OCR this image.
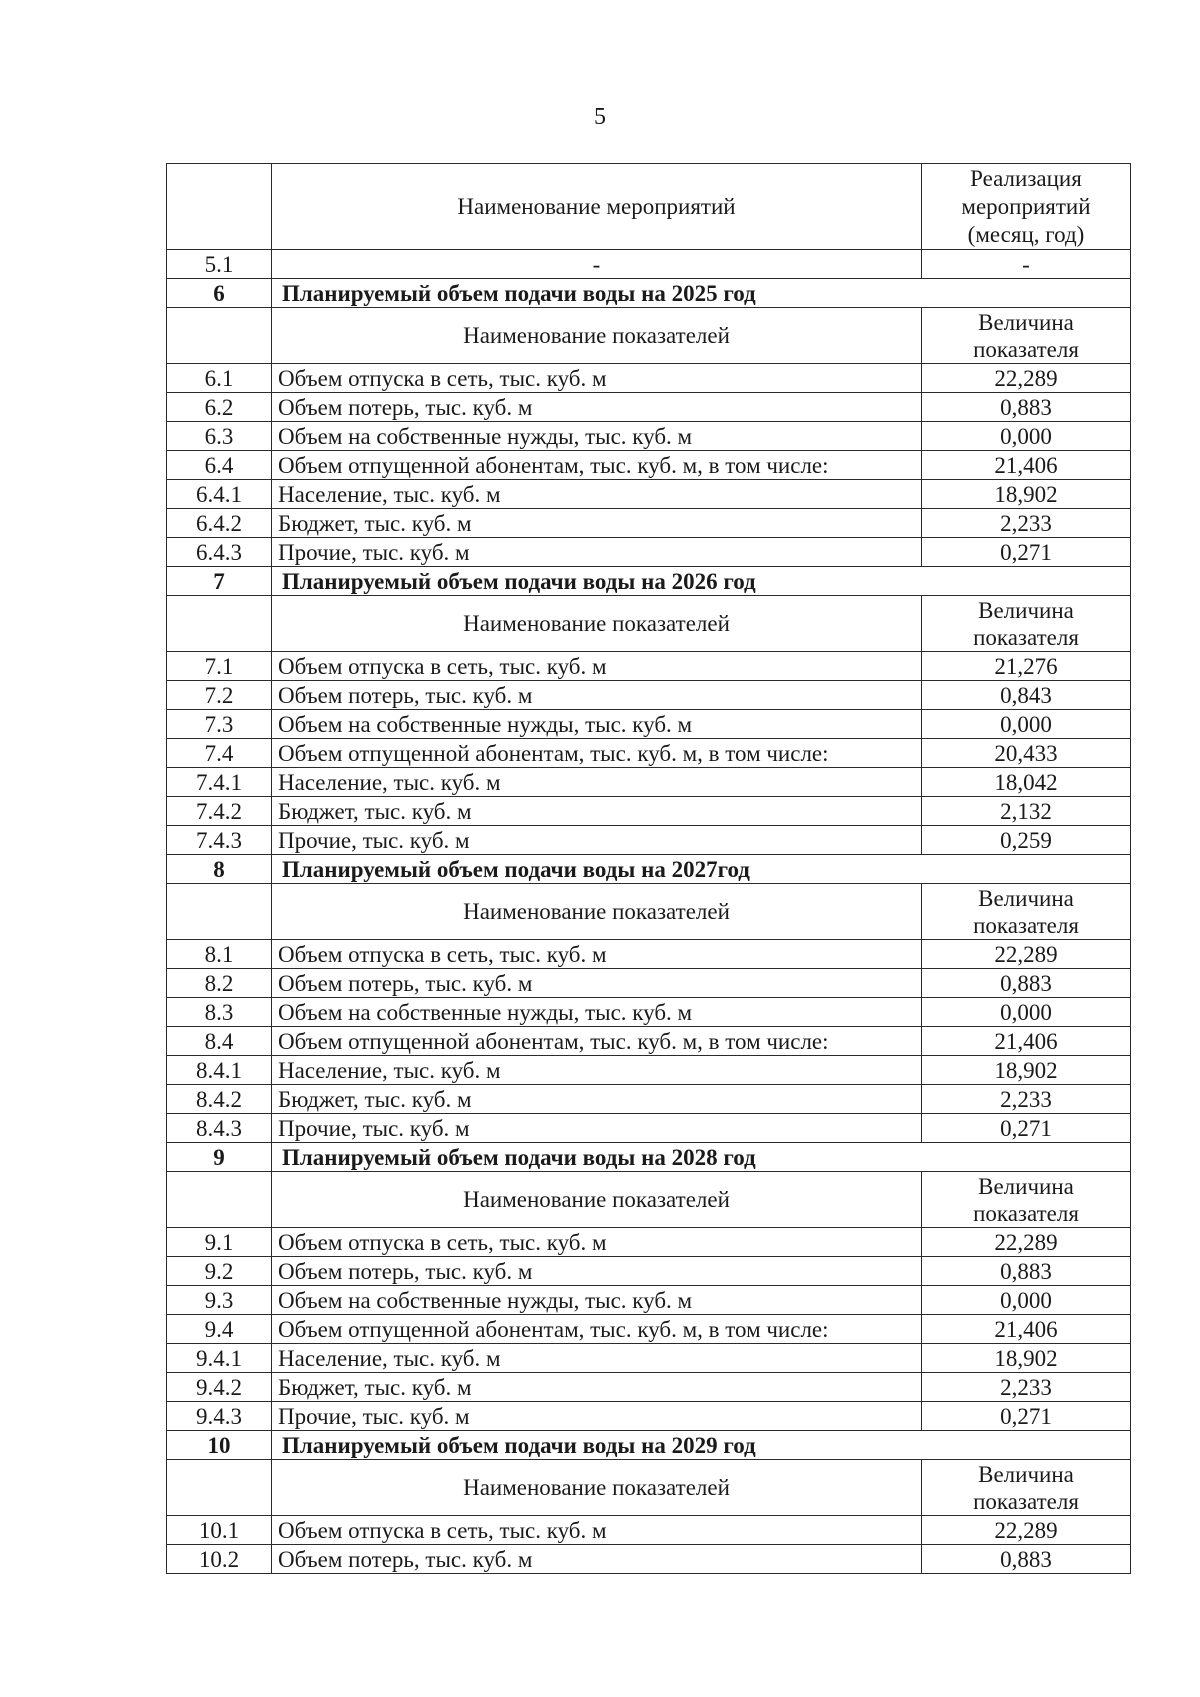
5
	Наименование мероприятий	Реализация мероприятий (месяц, год)
5.1	-	-
6	Планируемый объем подачи воды на 2025 год	
	Наименование показателей	Величина показателя
6.1	Объем отпуска в сеть, тыс. куб. м	22,289
6.2	Объем потерь, тыс. куб. м	0,883
6.3	Объем на собственные нужды, тыс. куб. м	0,000
6.4	Объем отпущенной абонентам, тыс. куб. м, в том числе:	21,406
6.4.1	Население, тыс. куб. м	18,902
6.4.2	Бюджет, тыс. куб. м	2,233
6.4.3	Прочие, тыс. куб. м	0,271
7	Планируемый объем подачи воды на 2026 год	
	Наименование показателей	Величина показателя
7.1	Объем отпуска в сеть, тыс. куб. м	21,276
7.2	Объем потерь, тыс. куб. м	0,843
7.3	Объем на собственные нужды, тыс. куб. м	0,000
7.4	Объем отпущенной абонентам, тыс. куб. м, в том числе:	20,433
7.4.1	Население, тыс. куб. м	18,042
7.4.2	Бюджет, тыс. куб. м	2,132
7.4.3	Прочие, тыс. куб. м	0,259
8	Планируемый объем подачи воды на 2027год	
	Наименование показателей	Величина показателя
8.1	Объем отпуска в сеть, тыс. куб. м	22,289
8.2	Объем потерь, тыс. куб. м	0,883
8.3	Объем на собственные нужды, тыс. куб. м	0,000
8.4	Объем отпущенной абонентам, тыс. куб. м, в том числе:	21,406
8.4.1	Население, тыс. куб. м	18,902
8.4.2	Бюджет, тыс. куб. м	2,233
8.4.3	Прочие, тыс. куб. м	0,271
9	Планируемый объем подачи воды на 2028 год	
	Наименование показателей	Величина показателя
9.1	Объем отпуска в сеть, тыс. куб. м	22,289
9.2	Объем потерь, тыс. куб. м	0,883
9.3	Объем на собственные нужды, тыс. куб. м	0,000
9.4	Объем отпущенной абонентам, тыс. куб. м, в том числе:	21,406
9.4.1	Население, тыс. куб. м	18,902
9.4.2	Бюджет, тыс. куб. м	2,233
9.4.3	Прочие, тыс. куб. м	0,271
10	Планируемый объем подачи воды на 2029 год	
	Наименование показателей	Величина показателя
10.1	Объем отпуска в сеть, тыс. куб. м	22,289
10.2	Объем потерь, тыс. куб. м	0,883
